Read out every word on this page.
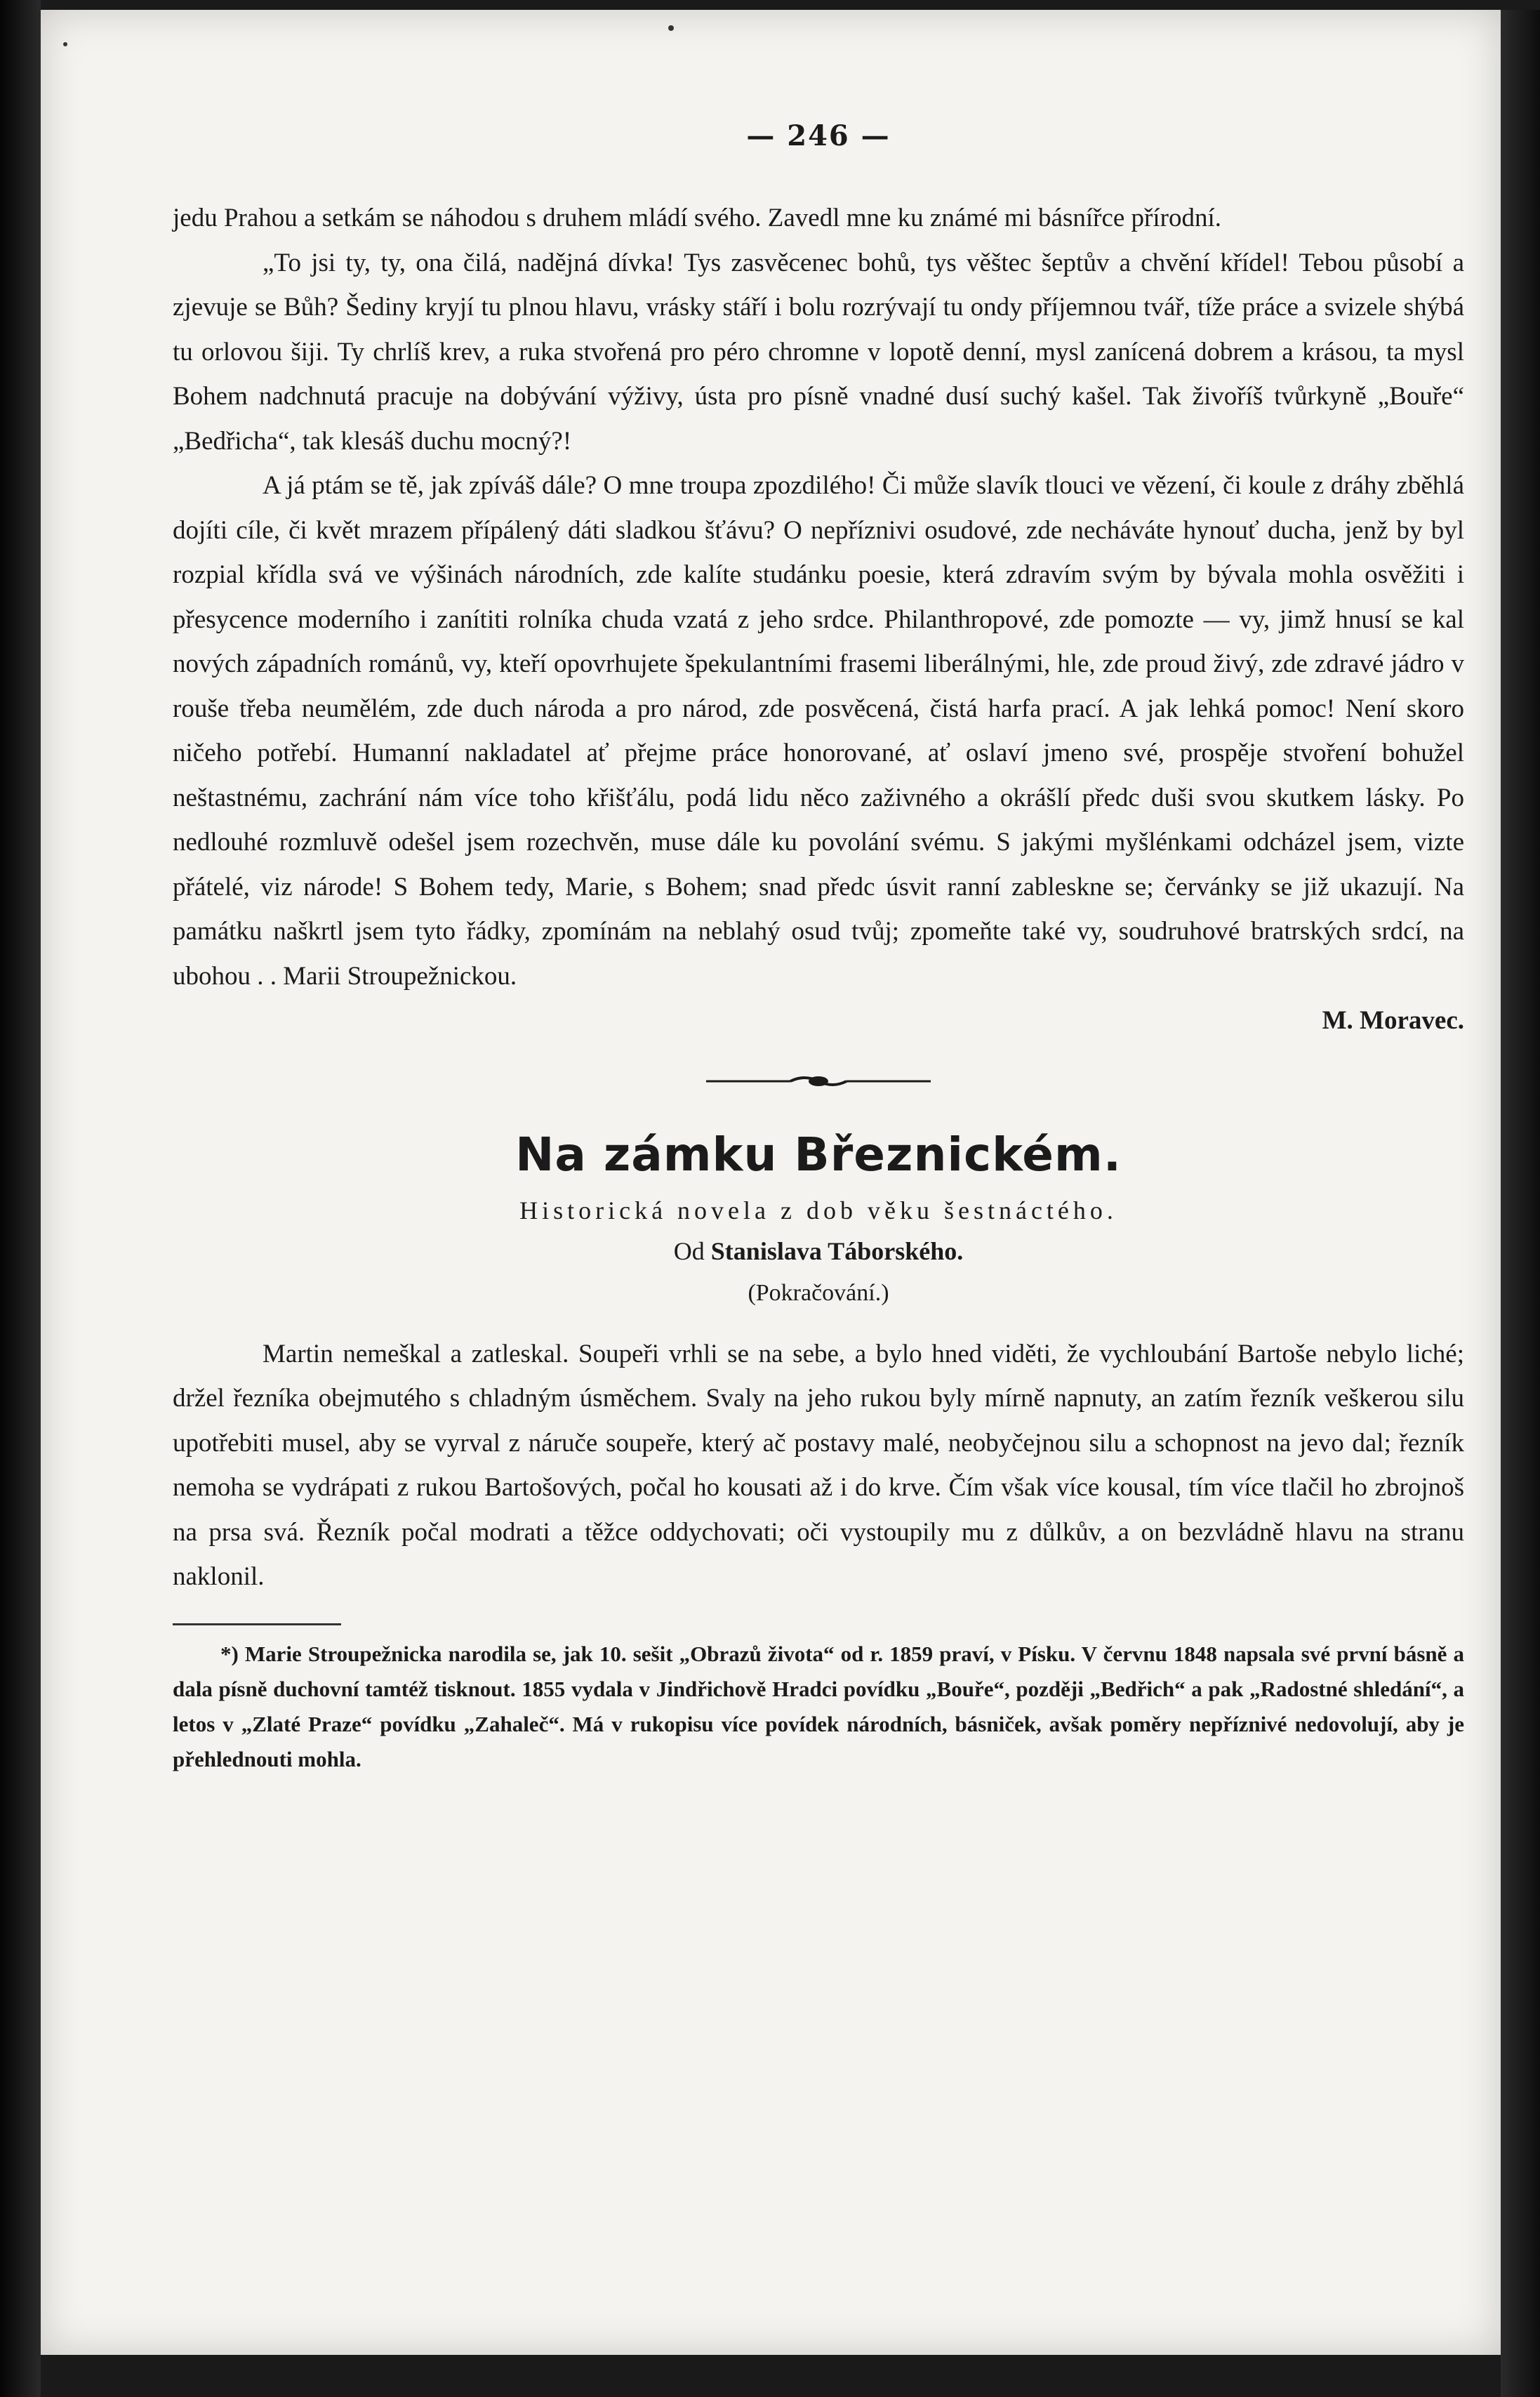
— 246 —

jedu Prahou a setkám se náhodou s druhem mládí svého. Zavedl mne ku známé mi básnířce přírodní.

„To jsi ty, ty, ona čilá, nadějná dívka! Tys zasvěcenec bohů, tys věštec šeptův a chvění křídel! Tebou působí a zjevuje se Bůh? Šediny kryjí tu plnou hlavu, vrásky stáří i bolu rozrývají tu ondy příjemnou tvář, tíže práce a svizele shýbá tu orlovou šiji. Ty chrlíš krev, a ruka stvořená pro péro chromne v lopotě denní, mysl zanícená dobrem a krásou, ta mysl Bohem nadchnutá pracuje na dobývání výživy, ústa pro písně vnadné dusí suchý kašel. Tak živoříš tvůrkyně „Bouře“ „Bedřicha“, tak klesáš duchu mocný?!

A já ptám se tě, jak zpíváš dále? O mne troupa zpozdilého! Či může slavík tlouci ve vězení, či koule z dráhy zběhlá dojíti cíle, či květ mrazem přípálený dáti sladkou šťávu? O nepříznivi osudové, zde necháváte hynouť ducha, jenž by byl rozpial křídla svá ve výšinách národních, zde kalíte studánku poesie, která zdravím svým by bývala mohla osvěžiti i přesycence moderního i zanítiti rolníka chuda vzatá z jeho srdce. Philanthropové, zde pomozte — vy, jimž hnusí se kal nových západních románů, vy, kteří opovrhujete špekulantními frasemi liberálnými, hle, zde proud živý, zde zdravé jádro v rouše třeba neumělém, zde duch národa a pro národ, zde posvěcená, čistá harfa prací. A jak lehká pomoc! Není skoro ničeho potřebí. Humanní nakladatel ať přejme práce honorované, ať oslaví jmeno své, prospěje stvoření bohužel neštastnému, zachrání nám více toho křišťálu, podá lidu něco zaživného a okrášlí předc duši svou skutkem lásky. Po nedlouhé rozmluvě odešel jsem rozechvěn, muse dále ku povolání svému. S jakými myšlénkami odcházel jsem, vizte přátelé, viz národe! S Bohem tedy, Marie, s Bohem; snad předc úsvit ranní zableskne se; červánky se již ukazují. Na památku naškrtl jsem tyto řádky, zpomínám na neblahý osud tvůj; zpomeňte také vy, soudruhové bratrských srdcí, na ubohou . . Marii Stroupežnickou.

M. Moravec.
Na zámku Březnickém.
Historická novela z dob věku šestnáctého.
Od Stanislava Táborského.
(Pokračování.)

Martin nemeškal a zatleskal. Soupeři vrhli se na sebe, a bylo hned viděti, že vychloubání Bartoše nebylo liché; držel řezníka obejmutého s chladným úsměchem. Svaly na jeho rukou byly mírně napnuty, an zatím řezník veškerou silu upotřebiti musel, aby se vyrval z náruče soupeře, který ač postavy malé, neobyčejnou silu a schopnost na jevo dal; řezník nemoha se vydrápati z rukou Bartošových, počal ho kousati až i do krve. Čím však více kousal, tím více tlačil ho zbrojnoš na prsa svá. Řezník počal modrati a těžce oddychovati; oči vystoupily mu z důlkův, a on bezvládně hlavu na stranu naklonil.

*) Marie Stroupežnicka narodila se, jak 10. sešit „Obrazů života“ od r. 1859 praví, v Písku. V červnu 1848 napsala své první básně a dala písně duchovní tamtéž tisknout. 1855 vydala v Jindřichově Hradci povídku „Bouře“, později „Bedřich“ a pak „Radostné shledání“, a letos v „Zlaté Praze“ povídku „Zahaleč“. Má v rukopisu více povídek národních, básniček, avšak poměry nepříznivé nedovolují, aby je přehlednouti mohla.
